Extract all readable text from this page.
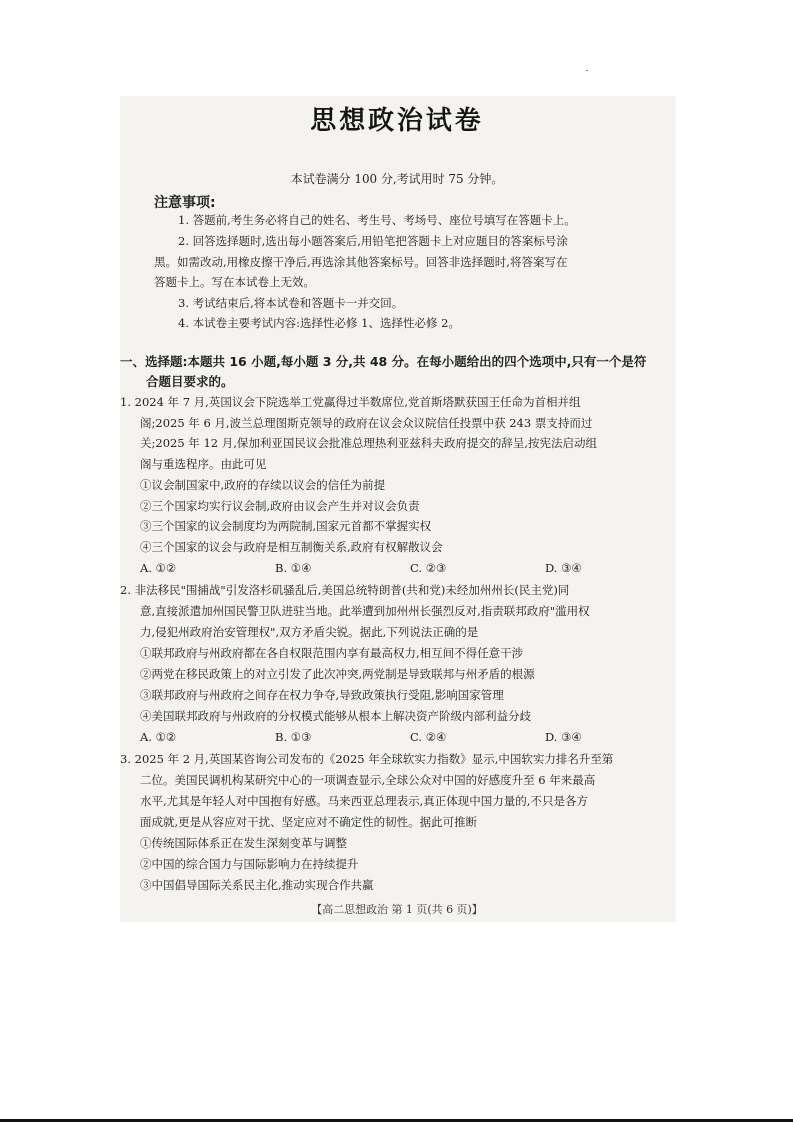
思想政治试卷
本试卷满分 100 分,考试用时 75 分钟。
注意事项:
1. 答题前,考生务必将自己的姓名、考生号、考场号、座位号填写在答题卡上。
2. 回答选择题时,选出每小题答案后,用铅笔把答题卡上对应题目的答案标号涂
黑。如需改动,用橡皮擦干净后,再选涂其他答案标号。回答非选择题时,将答案写在
答题卡上。写在本试卷上无效。
3. 考试结束后,将本试卷和答题卡一并交回。
4. 本试卷主要考试内容:选择性必修 1、选择性必修 2。
一、选择题:本题共 16 小题,每小题 3 分,共 48 分。在每小题给出的四个选项中,只有一个是符
合题目要求的。
1. 2024 年 7 月,英国议会下院选举工党赢得过半数席位,党首斯塔默获国王任命为首相并组
阁;2025 年 6 月,波兰总理图斯克领导的政府在议会众议院信任投票中获 243 票支持而过
关;2025 年 12 月,保加利亚国民议会批准总理热利亚兹科夫政府提交的辞呈,按宪法启动组
阁与重选程序。由此可见
①议会制国家中,政府的存续以议会的信任为前提
②三个国家均实行议会制,政府由议会产生并对议会负责
③三个国家的议会制度均为两院制,国家元首都不掌握实权
④三个国家的议会与政府是相互制衡关系,政府有权解散议会
A. ①②	B. ①④	C. ②③	D. ③④
2. 非法移民"围捕战"引发洛杉矶骚乱后,美国总统特朗普(共和党)未经加州州长(民主党)同
意,直接派遣加州国民警卫队进驻当地。此举遭到加州州长强烈反对,指责联邦政府"滥用权
力,侵犯州政府治安管理权",双方矛盾尖锐。据此,下列说法正确的是
①联邦政府与州政府都在各自权限范围内享有最高权力,相互间不得任意干涉
②两党在移民政策上的对立引发了此次冲突,两党制是导致联邦与州矛盾的根源
③联邦政府与州政府之间存在权力争夺,导致政策执行受阻,影响国家管理
④美国联邦政府与州政府的分权模式能够从根本上解决资产阶级内部利益分歧
A. ①②	B. ①③	C. ②④	D. ③④
3. 2025 年 2 月,英国某咨询公司发布的《2025 年全球软实力指数》显示,中国软实力排名升至第
二位。美国民调机构某研究中心的一项调查显示,全球公众对中国的好感度升至 6 年来最高
水平,尤其是年轻人对中国抱有好感。马来西亚总理表示,真正体现中国力量的,不只是各方
面成就,更是从容应对干扰、坚定应对不确定性的韧性。据此可推断
①传统国际体系正在发生深刻变革与调整
②中国的综合国力与国际影响力在持续提升
③中国倡导国际关系民主化,推动实现合作共赢
【高二思想政治 第 1 页(共 6 页)】
